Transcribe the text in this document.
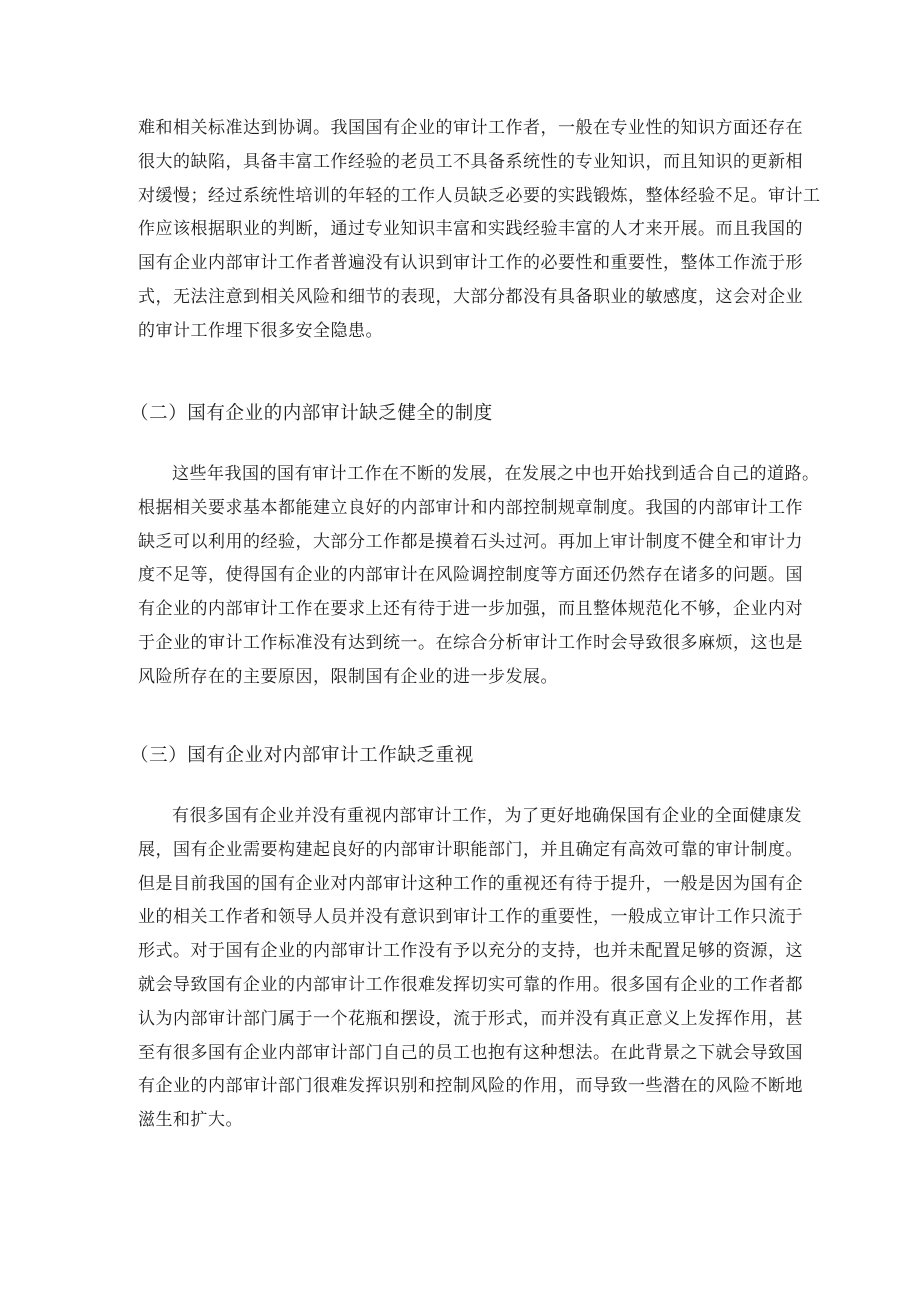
难和相关标准达到协调。我国国有企业的审计工作者，一般在专业性的知识方面还存在
很大的缺陷，具备丰富工作经验的老员工不具备系统性的专业知识，而且知识的更新相
对缓慢；经过系统性培训的年轻的工作人员缺乏必要的实践锻炼，整体经验不足。审计工
作应该根据职业的判断，通过专业知识丰富和实践经验丰富的人才来开展。而且我国的
国有企业内部审计工作者普遍没有认识到审计工作的必要性和重要性，整体工作流于形
式，无法注意到相关风险和细节的表现，大部分都没有具备职业的敏感度，这会对企业
的审计工作埋下很多安全隐患。
（二）国有企业的内部审计缺乏健全的制度
这些年我国的国有审计工作在不断的发展，在发展之中也开始找到适合自己的道路。
根据相关要求基本都能建立良好的内部审计和内部控制规章制度。我国的内部审计工作
缺乏可以利用的经验，大部分工作都是摸着石头过河。再加上审计制度不健全和审计力
度不足等，使得国有企业的内部审计在风险调控制度等方面还仍然存在诸多的问题。国
有企业的内部审计工作在要求上还有待于进一步加强，而且整体规范化不够，企业内对
于企业的审计工作标准没有达到统一。在综合分析审计工作时会导致很多麻烦，这也是
风险所存在的主要原因，限制国有企业的进一步发展。
（三）国有企业对内部审计工作缺乏重视
有很多国有企业并没有重视内部审计工作，为了更好地确保国有企业的全面健康发
展，国有企业需要构建起良好的内部审计职能部门，并且确定有高效可靠的审计制度。
但是目前我国的国有企业对内部审计这种工作的重视还有待于提升，一般是因为国有企
业的相关工作者和领导人员并没有意识到审计工作的重要性，一般成立审计工作只流于
形式。对于国有企业的内部审计工作没有予以充分的支持，也并未配置足够的资源，这
就会导致国有企业的内部审计工作很难发挥切实可靠的作用。很多国有企业的工作者都
认为内部审计部门属于一个花瓶和摆设，流于形式，而并没有真正意义上发挥作用，甚
至有很多国有企业内部审计部门自己的员工也抱有这种想法。在此背景之下就会导致国
有企业的内部审计部门很难发挥识别和控制风险的作用，而导致一些潜在的风险不断地
滋生和扩大。
